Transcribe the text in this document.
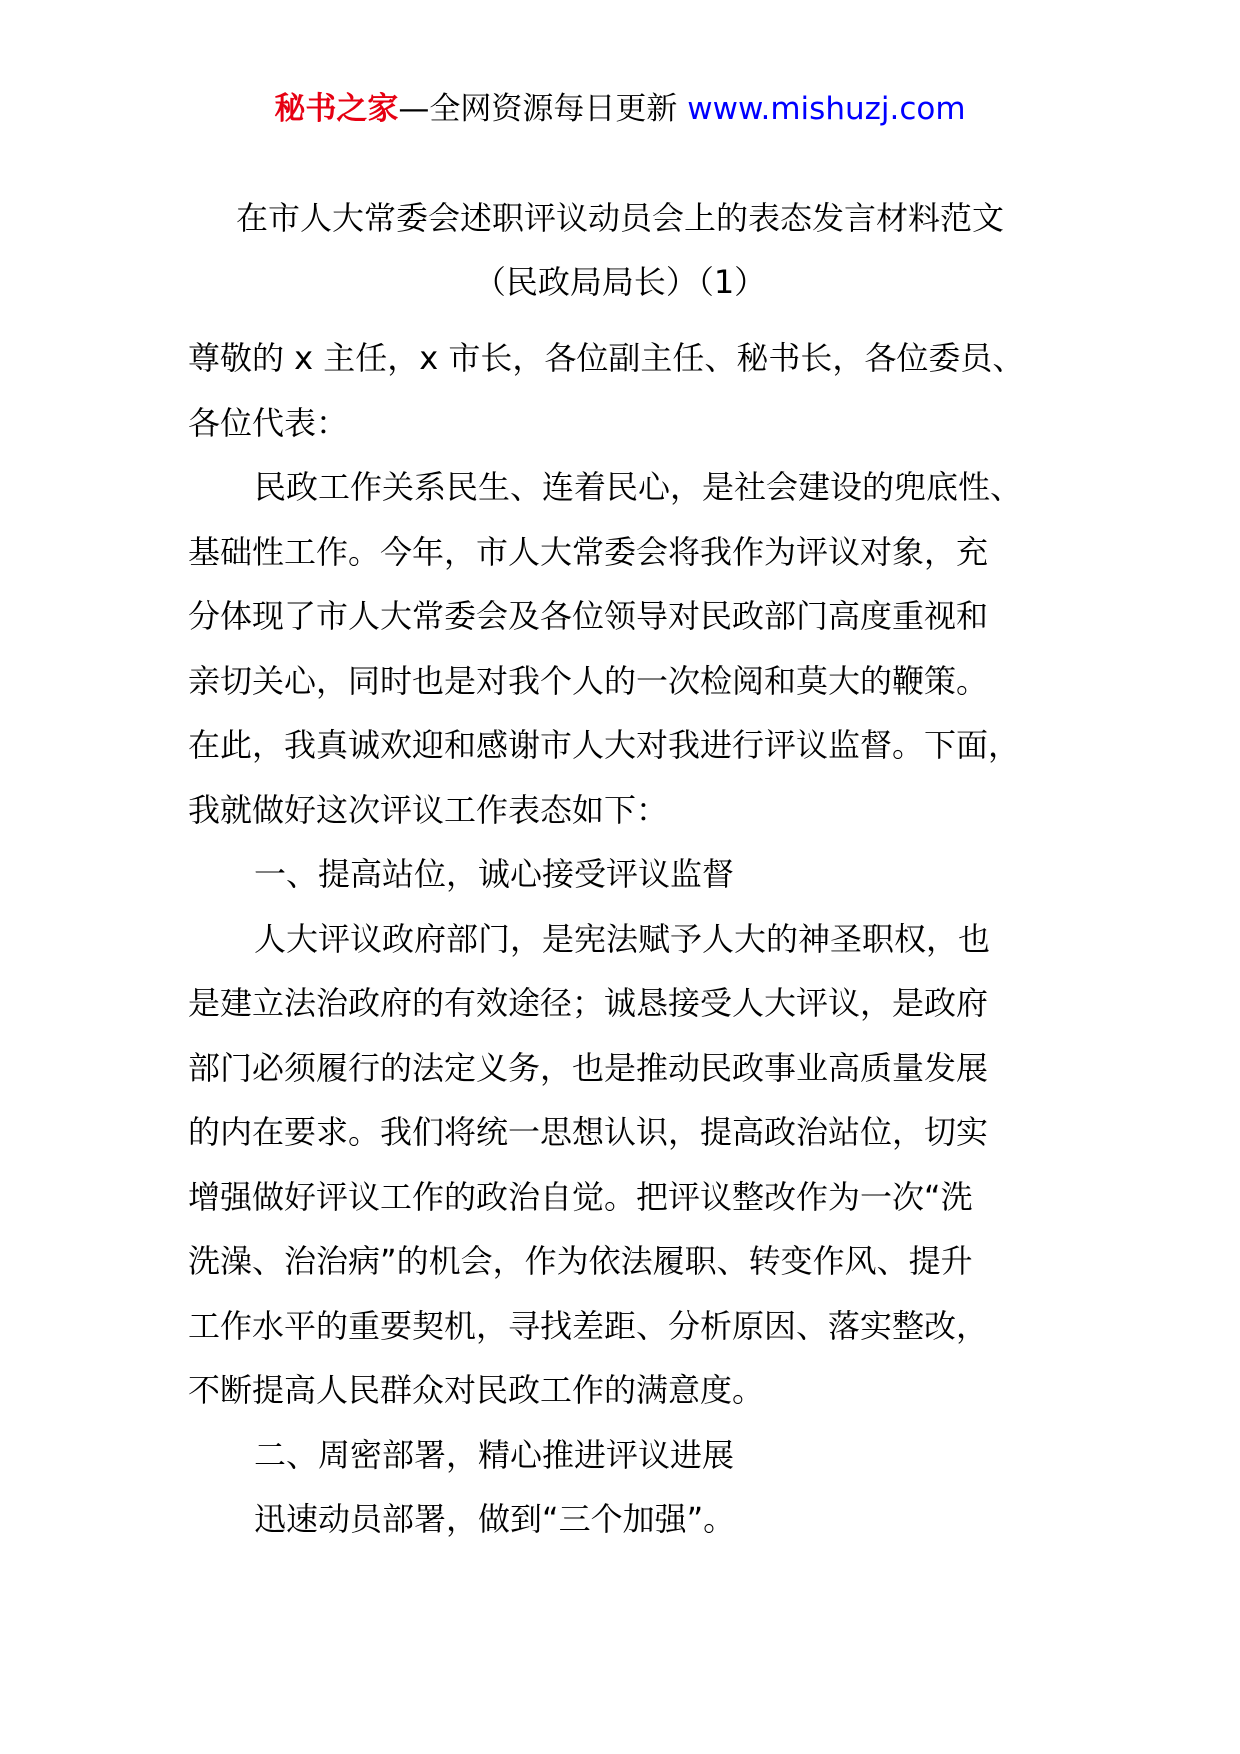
秘书之家—全网资源每日更新 www.mishuzj.com
在市人大常委会述职评议动员会上的表态发言材料范文
（民政局局长）（1）

尊敬的 x 主任，x 市长，各位副主任、秘书长，各位委员、
各位代表：

民政工作关系民生、连着民心，是社会建设的兜底性、
基础性工作。今年，市人大常委会将我作为评议对象，充
分体现了市人大常委会及各位领导对民政部门高度重视和
亲切关心，同时也是对我个人的一次检阅和莫大的鞭策。
在此，我真诚欢迎和感谢市人大对我进行评议监督。下面，
我就做好这次评议工作表态如下：

一、提高站位，诚心接受评议监督

人大评议政府部门，是宪法赋予人大的神圣职权，也
是建立法治政府的有效途径；诚恳接受人大评议，是政府
部门必须履行的法定义务，也是推动民政事业高质量发展
的内在要求。我们将统一思想认识，提高政治站位，切实
增强做好评议工作的政治自觉。把评议整改作为一次“洗
洗澡、治治病”的机会，作为依法履职、转变作风、提升
工作水平的重要契机，寻找差距、分析原因、落实整改，
不断提高人民群众对民政工作的满意度。

二、周密部署，精心推进评议进展

迅速动员部署，做到“三个加强”。
